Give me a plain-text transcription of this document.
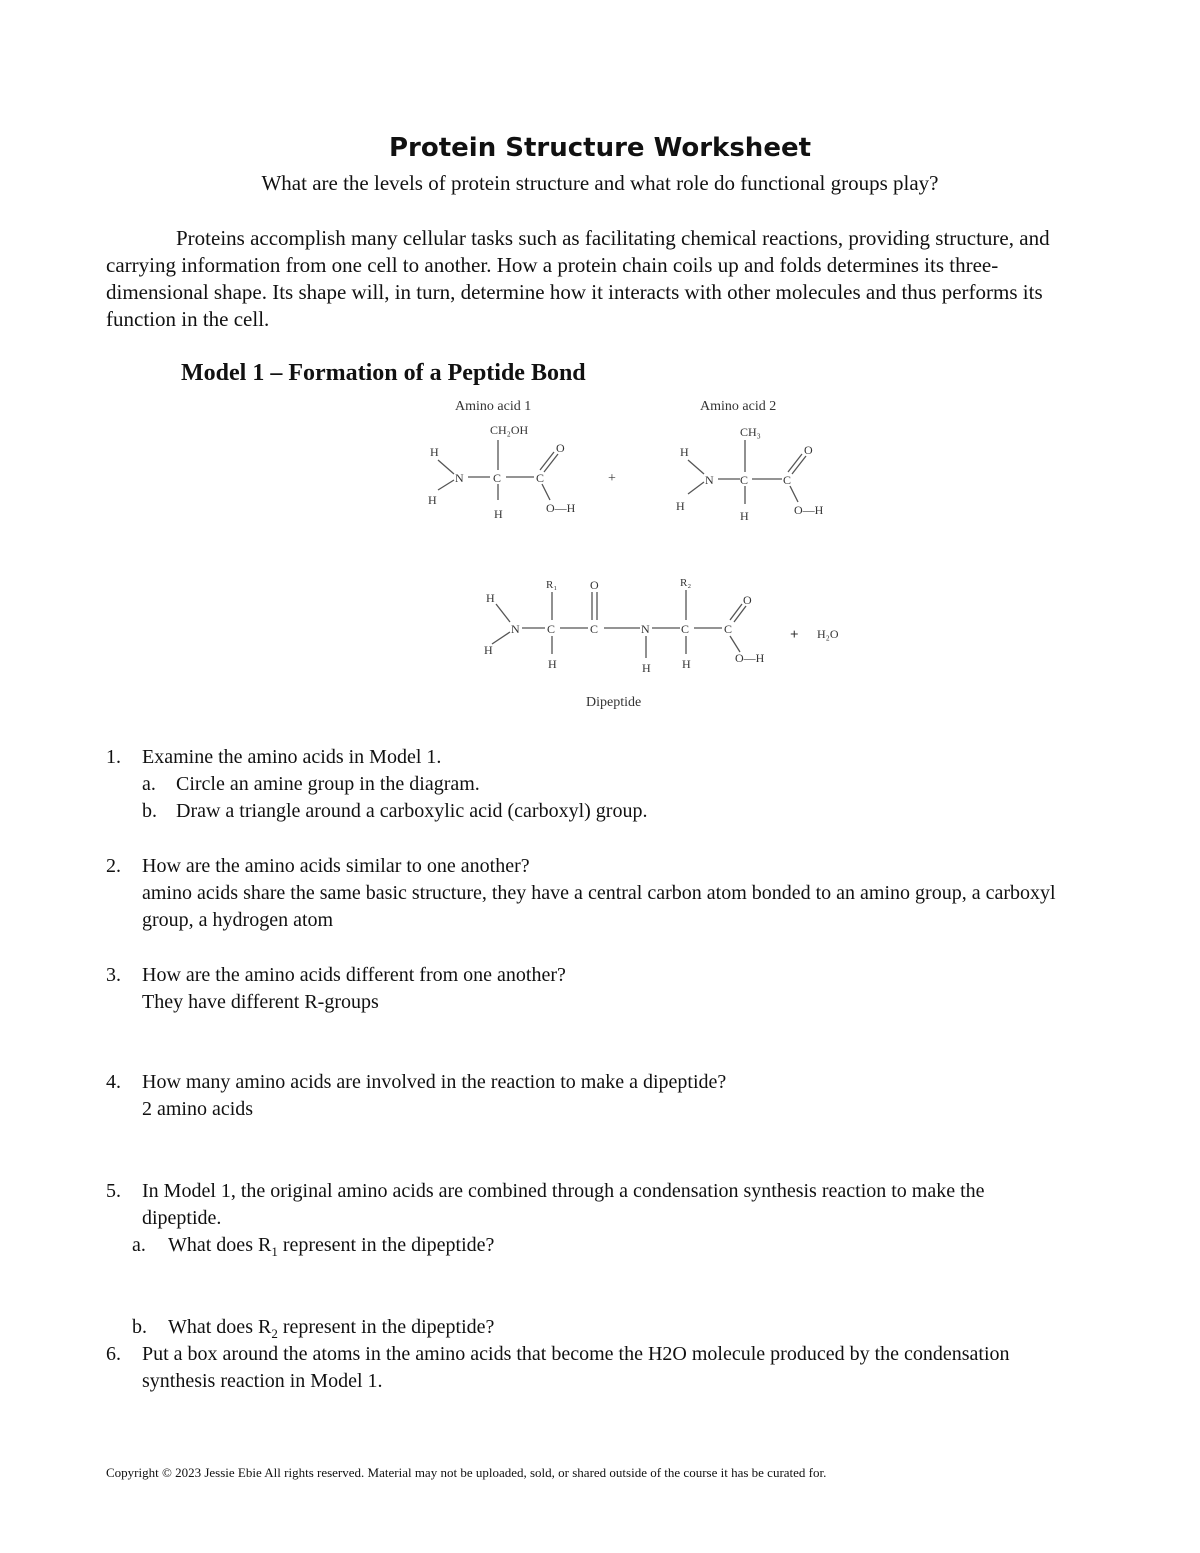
Protein Structure Worksheet
What are the levels of protein structure and what role do functional groups play?

Proteins accomplish many cellular tasks such as facilitating chemical reactions, providing structure, and carrying information from one cell to another. How a protein chain coils up and folds determines its three-dimensional shape. Its shape will, in turn, determine how it interacts with other molecules and thus performs its function in the cell.

Model 1 – Formation of a Peptide Bond
Amino acid 1	Amino acid 2
CH₂OH	CH₃
H
H
N C
H
C
O
O—H
+
H
H
N C
H
C
O
O—H
R₁	R₂
O
H
H
N C
H
C	N
H
C
H
C
O
O—H
+ H₂O
Dipeptide
1. Examine the amino acids in Model 1.
a. Circle an amine group in the diagram.
b. Draw a triangle around a carboxylic acid (carboxyl) group.
2. How are the amino acids similar to one another?
amino acids share the same basic structure, they have a central carbon atom bonded to an amino group, a carboxyl group, a hydrogen atom
3. How are the amino acids different from one another?
They have different R-groups
4. How many amino acids are involved in the reaction to make a dipeptide?
2 amino acids
5. In Model 1, the original amino acids are combined through a condensation synthesis reaction to make the dipeptide.
a. What does $R_1$ represent in the dipeptide?
b. What does $R_2$ represent in the dipeptide?
6. Put a box around the atoms in the amino acids that become the H2O molecule produced by the condensation synthesis reaction in Model 1.
Copyright © 2023 Jessie Ebie All rights reserved. Material may not be uploaded, sold, or shared outside of the course it has be curated for.
